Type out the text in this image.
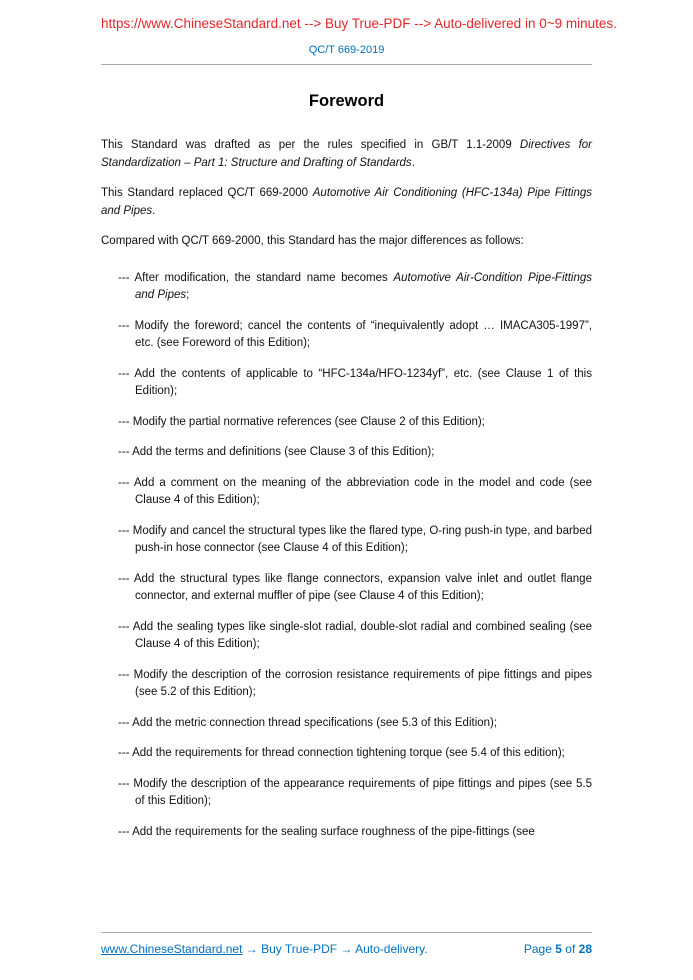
https://www.ChineseStandard.net --> Buy True-PDF --> Auto-delivered in 0~9 minutes.
QC/T 669-2019
Foreword

This Standard was drafted as per the rules specified in GB/T 1.1-2009 Directives for Standardization – Part 1: Structure and Drafting of Standards.

This Standard replaced QC/T 669-2000 Automotive Air Conditioning (HFC-134a) Pipe Fittings and Pipes.

Compared with QC/T 669-2000, this Standard has the major differences as follows:

--- After modification, the standard name becomes Automotive Air-Condition Pipe-Fittings and Pipes;

--- Modify the foreword; cancel the contents of “inequivalently adopt … IMACA305-1997”, etc. (see Foreword of this Edition);

--- Add the contents of applicable to “HFC-134a/HFO-1234yf”, etc. (see Clause 1 of this Edition);

--- Modify the partial normative references (see Clause 2 of this Edition);

--- Add the terms and definitions (see Clause 3 of this Edition);

--- Add a comment on the meaning of the abbreviation code in the model and code (see Clause 4 of this Edition);

--- Modify and cancel the structural types like the flared type, O-ring push-in type, and barbed push-in hose connector (see Clause 4 of this Edition);

--- Add the structural types like flange connectors, expansion valve inlet and outlet flange connector, and external muffler of pipe (see Clause 4 of this Edition);

--- Add the sealing types like single-slot radial, double-slot radial and combined sealing (see Clause 4 of this Edition);

--- Modify the description of the corrosion resistance requirements of pipe fittings and pipes (see 5.2 of this Edition);

--- Add the metric connection thread specifications (see 5.3 of this Edition);

--- Add the requirements for thread connection tightening torque (see 5.4 of this edition);

--- Modify the description of the appearance requirements of pipe fittings and pipes (see 5.5 of this Edition);

--- Add the requirements for the sealing surface roughness of the pipe-fittings (see

www.ChineseStandard.net → Buy True-PDF → Auto-delivery.	Page 5 of 28
